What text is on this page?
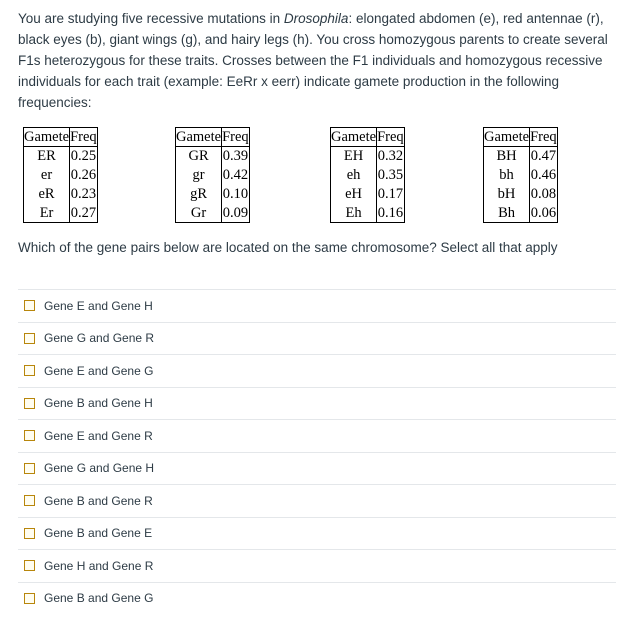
You are studying five recessive mutations in Drosophila: elongated abdomen (e), red antennae (r), black eyes (b), giant wings (g), and hairy legs (h). You cross homozygous parents to create several F1s heterozygous for these traits. Crosses between the F1 individuals and homozygous recessive individuals for each trait (example: EeRr x eerr) indicate gamete production in the following frequencies:
Gamete	Freq
ER	0.25
er	0.26
eR	0.23
Er	0.27
Gamete	Freq
GR	0.39
gr	0.42
gR	0.10
Gr	0.09
Gamete	Freq
EH	0.32
eh	0.35
eH	0.17
Eh	0.16
Gamete	Freq
BH	0.47
bh	0.46
bH	0.08
Bh	0.06
Which of the gene pairs below are located on the same chromosome? Select all that apply
Gene E and Gene H
Gene G and Gene R
Gene E and Gene G
Gene B and Gene H
Gene E and Gene R
Gene G and Gene H
Gene B and Gene R
Gene B and Gene E
Gene H and Gene R
Gene B and Gene G
